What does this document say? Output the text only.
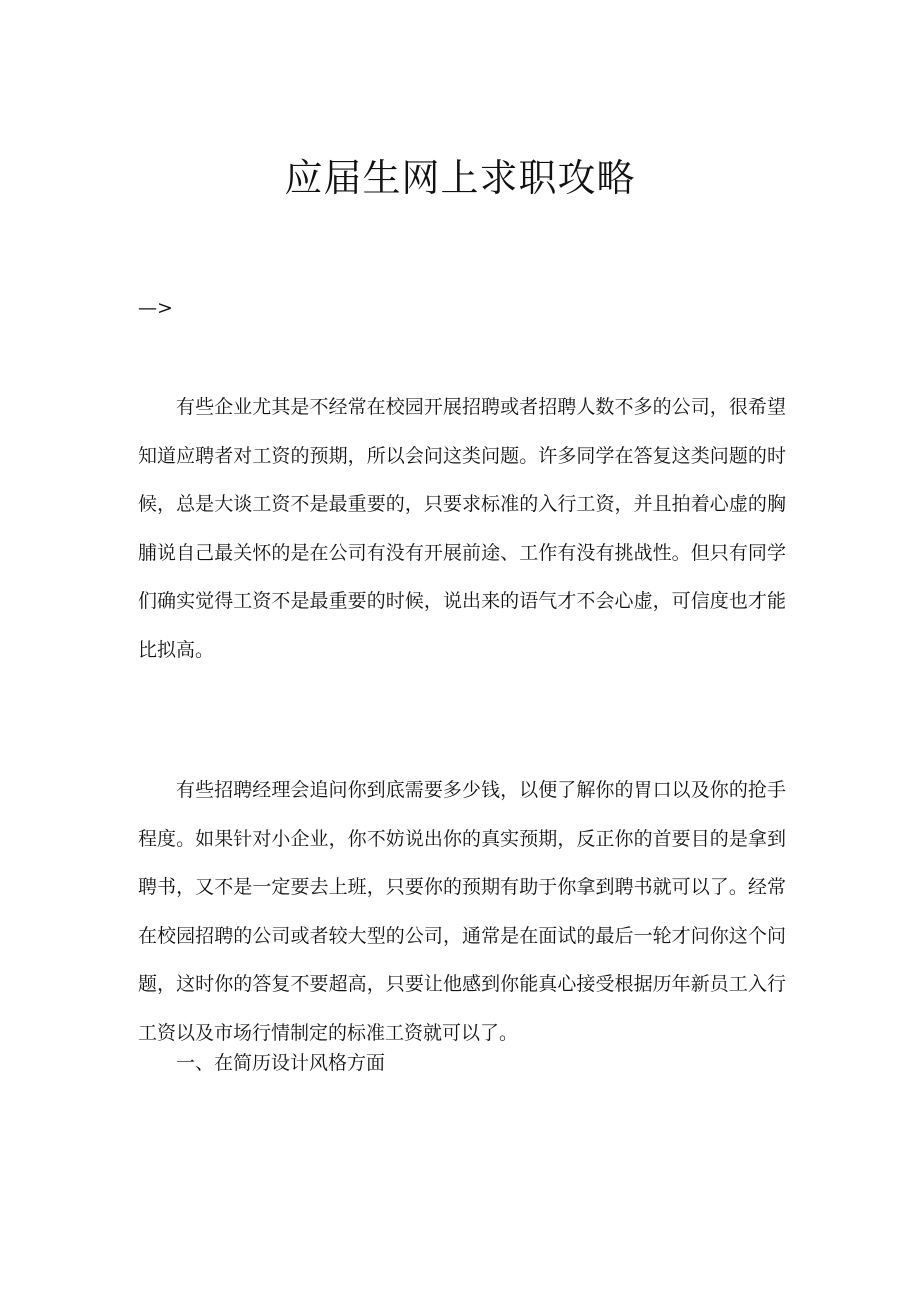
应届生网上求职攻略
—>

有些企业尤其是不经常在校园开展招聘或者招聘人数不多的公司，很希望知道应聘者对工资的预期，所以会问这类问题。许多同学在答复这类问题的时候，总是大谈工资不是最重要的，只要求标准的入行工资，并且拍着心虚的胸脯说自己最关怀的是在公司有没有开展前途、工作有没有挑战性。但只有同学们确实觉得工资不是最重要的时候，说出来的语气才不会心虚，可信度也才能比拟高。

有些招聘经理会追问你到底需要多少钱，以便了解你的胃口以及你的抢手程度。如果针对小企业，你不妨说出你的真实预期，反正你的首要目的是拿到聘书，又不是一定要去上班，只要你的预期有助于你拿到聘书就可以了。经常在校园招聘的公司或者较大型的公司，通常是在面试的最后一轮才问你这个问题，这时你的答复不要超高，只要让他感到你能真心接受根据历年新员工入行工资以及市场行情制定的标准工资就可以了。

一、在简历设计风格方面
